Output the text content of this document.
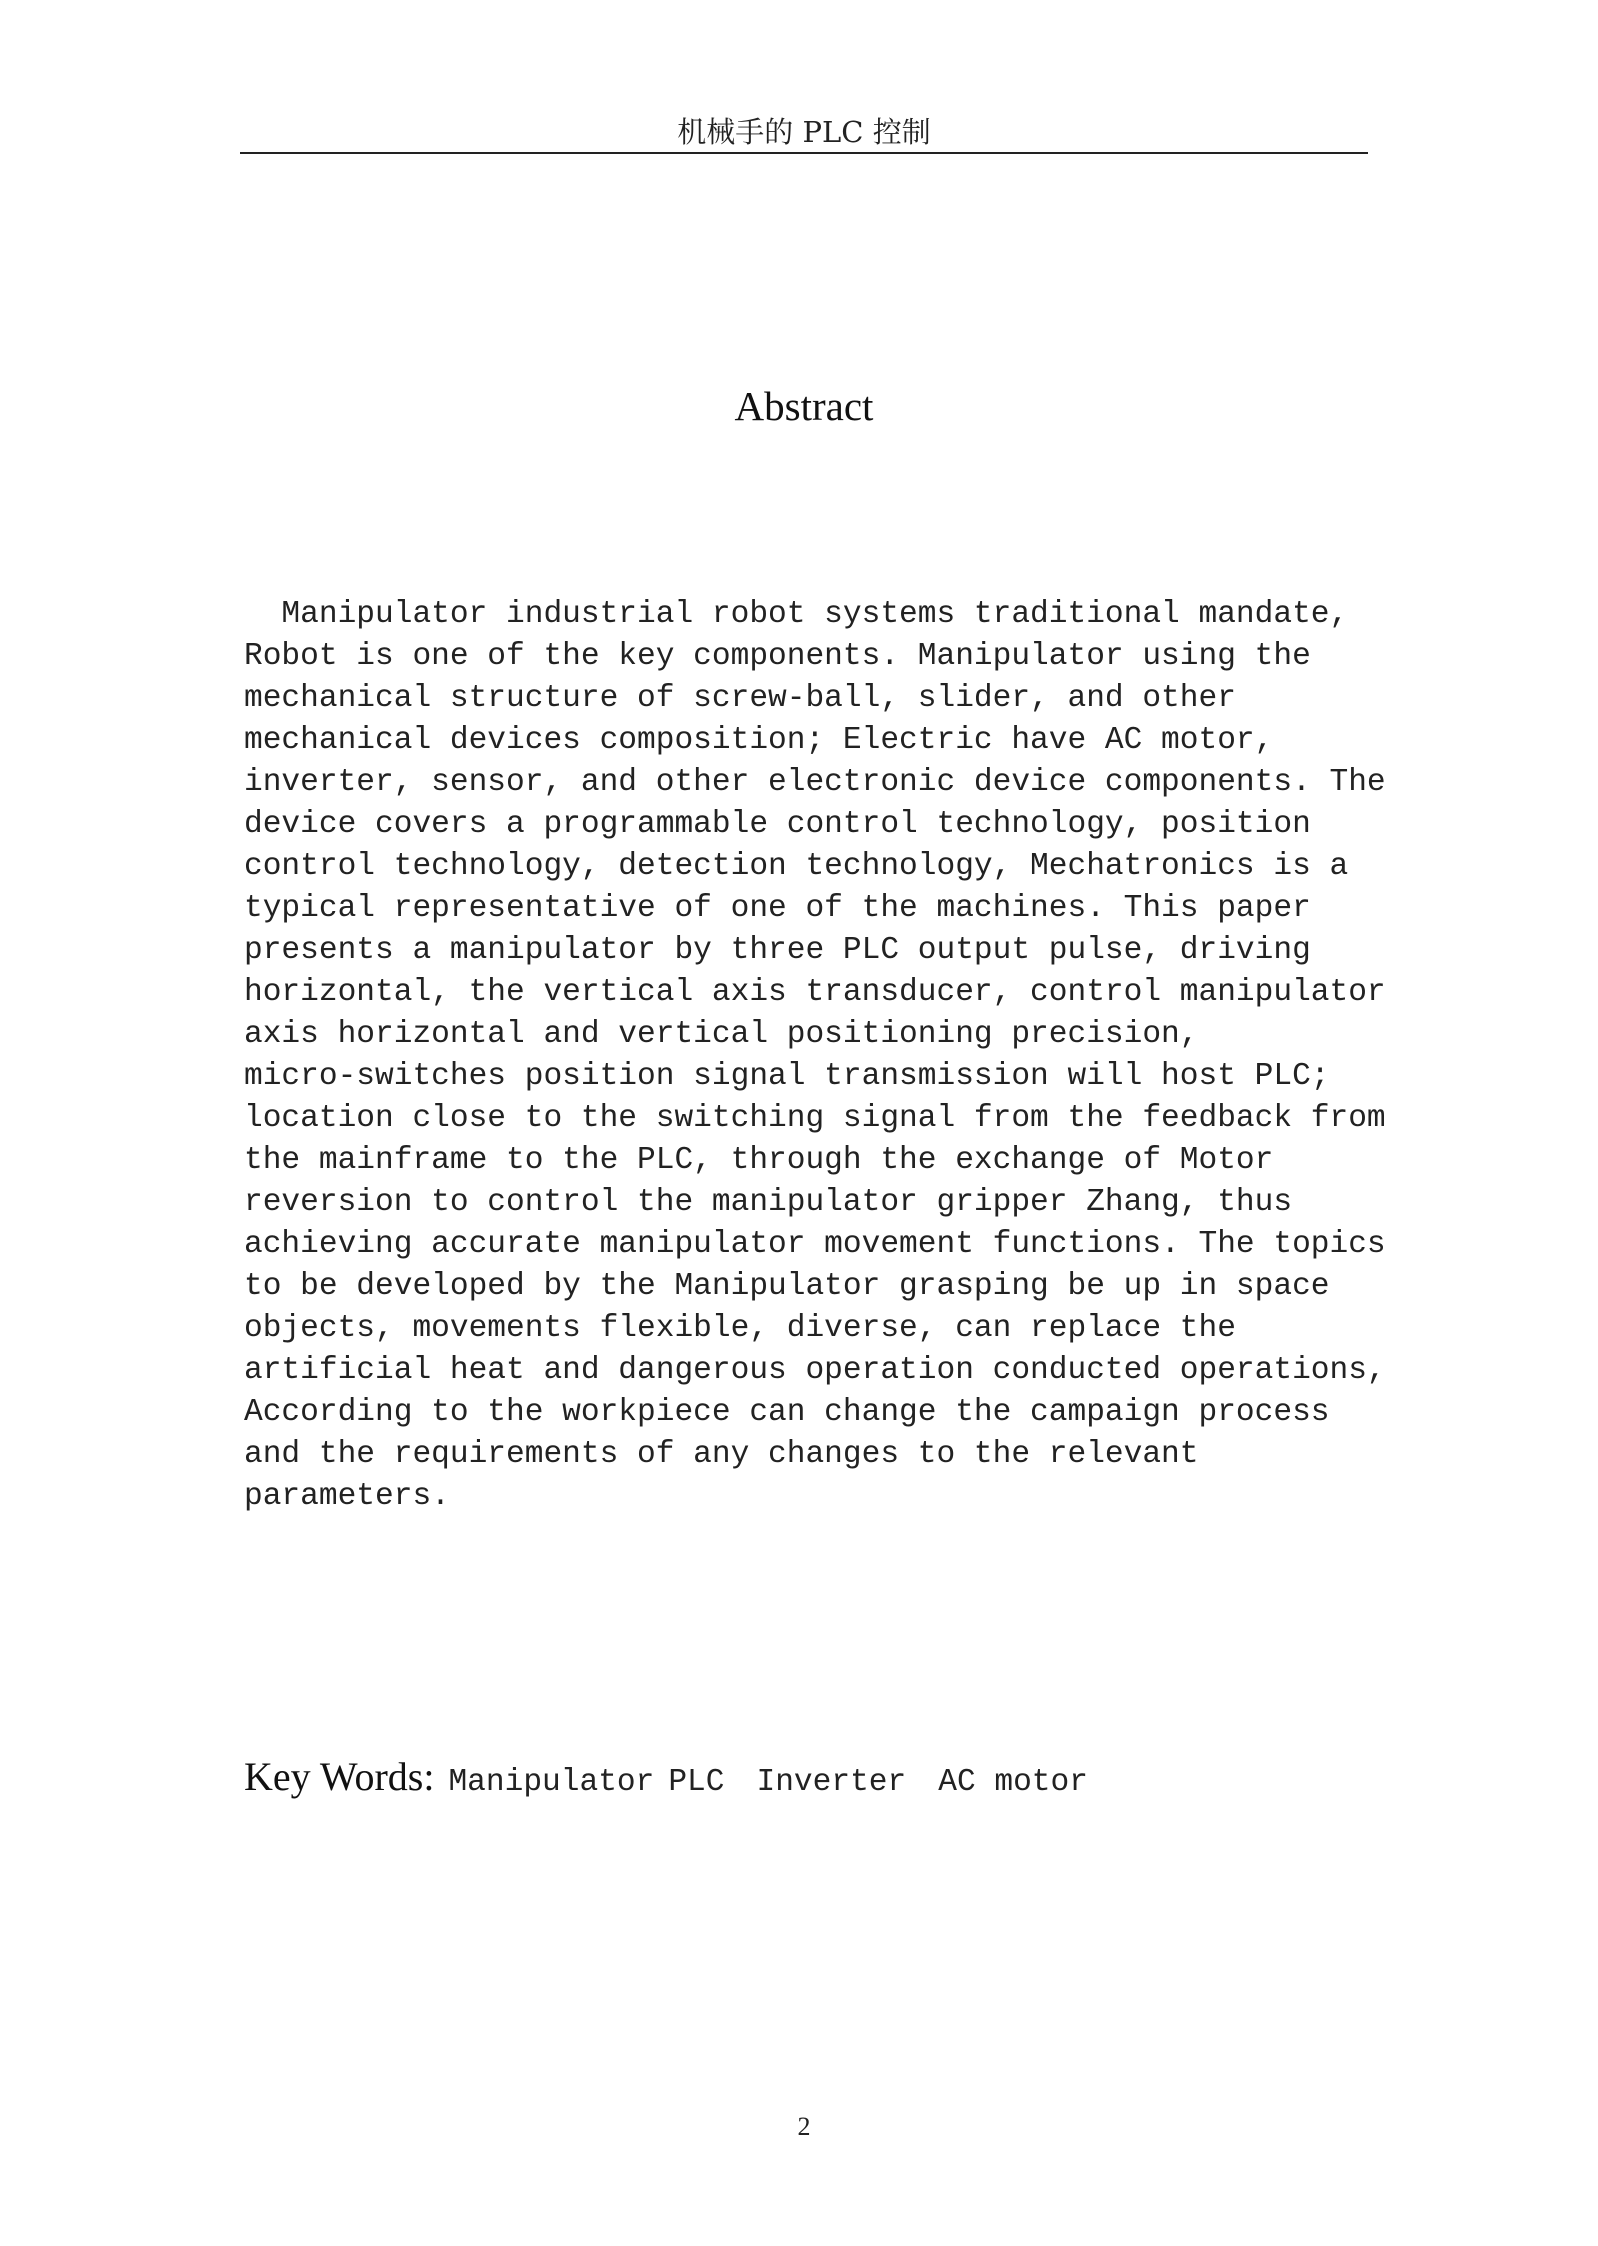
机械手的 PLC 控制
Abstract

Manipulator industrial robot systems traditional mandate,
Robot is one of the key components. Manipulator using the
mechanical structure of screw-ball, slider, and other
mechanical devices composition; Electric have AC motor,
inverter, sensor, and other electronic device components. The
device covers a programmable control technology, position
control technology, detection technology, Mechatronics is a
typical representative of one of the machines. This paper
presents a manipulator by three PLC output pulse, driving
horizontal, the vertical axis transducer, control manipulator
axis horizontal and vertical positioning precision,
micro-switches position signal transmission will host PLC;
location close to the switching signal from the feedback from
the mainframe to the PLC, through the exchange of Motor
reversion to control the manipulator gripper Zhang, thus
achieving accurate manipulator movement functions. The topics
to be developed by the Manipulator grasping be up in space
objects, movements flexible, diverse, can replace the
artificial heat and dangerous operation conducted operations,
According to the workpiece can change the campaign process
and the requirements of any changes to the relevant
parameters.
Key Words: Manipulator PLC Inverter AC motor
2
